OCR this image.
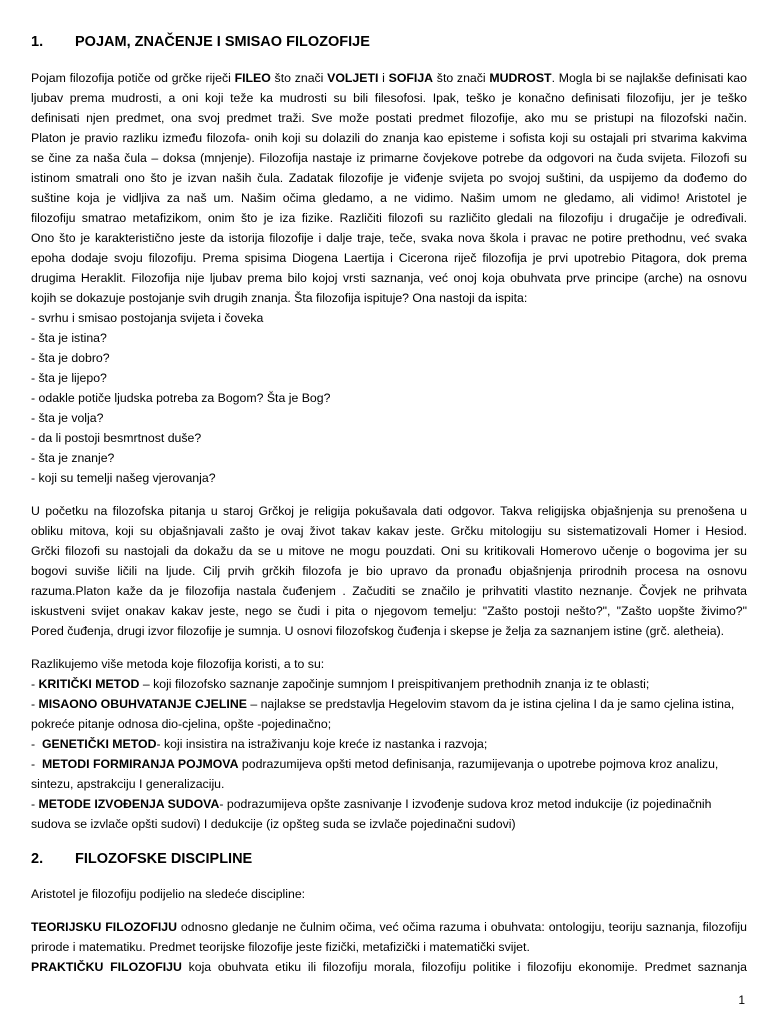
1. POJAM, ZNAČENJE I SMISAO FILOZOFIJE
Pojam filozofija potiče od grčke riječi FILEO što znači VOLJETI i SOFIJA što znači MUDROST. Mogla bi se najlakše definisati kao
ljubav prema mudrosti, a oni koji teže ka mudrosti su bili filesofosi. Ipak, teško je konačno definisati filozofiju, jer je teško
definisati njen predmet, ona svoj predmet traži. Sve može postati predmet filozofije, ako mu se pristupi na filozofski način.
Platon je pravio razliku između filozofa- onih koji su dolazili do znanja kao episteme i sofista koji su ostajali pri stvarima kakvima
se čine za naša čula – doksa (mnjenje). Filozofija nastaje iz primarne čovjekove potrebe da odgovori na čuda svijeta. Filozofi su
istinom smatrali ono što je izvan naših čula. Zadatak filozofije je viđenje svijeta po svojoj suštini, da uspijemo da dođemo do
suštine koja je vidljiva za naš um. Našim očima gledamo, a ne vidimo. Našim umom ne gledamo, ali vidimo! Aristotel je
filozofiju smatrao metafizikom, onim što je iza fizike. Različiti filozofi su različito gledali na filozofiju i drugačije je određivali.
Ono što je karakteristično jeste da istorija filozofije i dalje traje, teče, svaka nova škola i pravac ne potire prethodnu, već svaka
epoha dodaje svoju filozofiju. Prema spisima Diogena Laertija i Cicerona riječ filozofija je prvi upotrebio Pitagora, dok prema
drugima Heraklit. Filozofija nije ljubav prema bilo kojoj vrsti saznanja, već onoj koja obuhvata prve principe (arche) na osnovu
kojih se dokazuje postojanje svih drugih znanja. Šta filozofija ispituje? Ona nastoji da ispita:
- svrhu i smisao postojanja svijeta i čoveka
- šta je istina?
- šta je dobro?
- šta je lijepo?
- odakle potiče ljudska potreba za Bogom? Šta je Bog?
- šta je volja?
- da li postoji besmrtnost duše?
- šta je znanje?
- koji su temelji našeg vjerovanja?
U početku na filozofska pitanja u staroj Grčkoj je religija pokušavala dati odgovor. Takva religijska objašnjenja su prenošena u
obliku mitova, koji su objašnjavali zašto je ovaj život takav kakav jeste. Grčku mitologiju su sistematizovali Homer i Hesiod.
Grčki filozofi su nastojali da dokažu da se u mitove ne mogu pouzdati. Oni su kritikovali Homerovo učenje o bogovima jer su
bogovi suviše ličili na ljude. Cilj prvih grčkih filozofa je bio upravo da pronađu objašnjenja prirodnih procesa na osnovu
razuma.Platon kaže da je filozofija nastala čuđenjem . Začuditi se značilo je prihvatiti vlastito neznanje. Čovjek ne prihvata
iskustveni svijet onakav kakav jeste, nego se čudi i pita o njegovom temelju: "Zašto postoji nešto?", "Zašto uopšte živimo?"
Pored čuđenja, drugi izvor filozofije je sumnja. U osnovi filozofskog čuđenja i skepse je želja za saznanjem istine (grč. aletheia).
Razlikujemo više metoda koje filozofija koristi, a to su:
- KRITIČKI METOD – koji filozofsko saznanje započinje sumnjom I preispitivanjem prethodnih znanja iz te oblasti;
- MISAONO OBUHVATANJE CJELINE – najlakse se predstavlja Hegelovim stavom da je istina cjelina I da je samo cjelina istina,
pokreće pitanje odnosa dio-cjelina, opšte -pojedinačno;
-  GENETIČKI METOD- koji insistira na istraživanju koje kreće iz nastanka i razvoja;
-  METODI FORMIRANJA POJMOVA podrazumijeva opšti metod definisanja, razumijevanja o upotrebe pojmova kroz analizu,
sintezu, apstrakciju I generalizaciju.
- METODE IZVOĐENJA SUDOVA- podrazumijeva opšte zasnivanje I izvođenje sudova kroz metod indukcije (iz pojedinačnih
sudova se izvlače opšti sudovi) I dedukcije (iz opšteg suda se izvlače pojedinačni sudovi)
2. FILOZOFSKE DISCIPLINE
Aristotel je filozofiju podijelio na sledeće discipline:
TEORIJSKU FILOZOFIJU odnosno gledanje ne čulnim očima, već očima razuma i obuhvata: ontologiju, teoriju saznanja, filozofiju
prirode i matematiku. Predmet teorijske filozofije jeste fizički, metafizički i matematički svijet.
PRAKTIČKU FILOZOFIJU koja obuhvata etiku ili filozofiju morala, filozofiju politike i filozofiju ekonomije. Predmet saznanja
1
